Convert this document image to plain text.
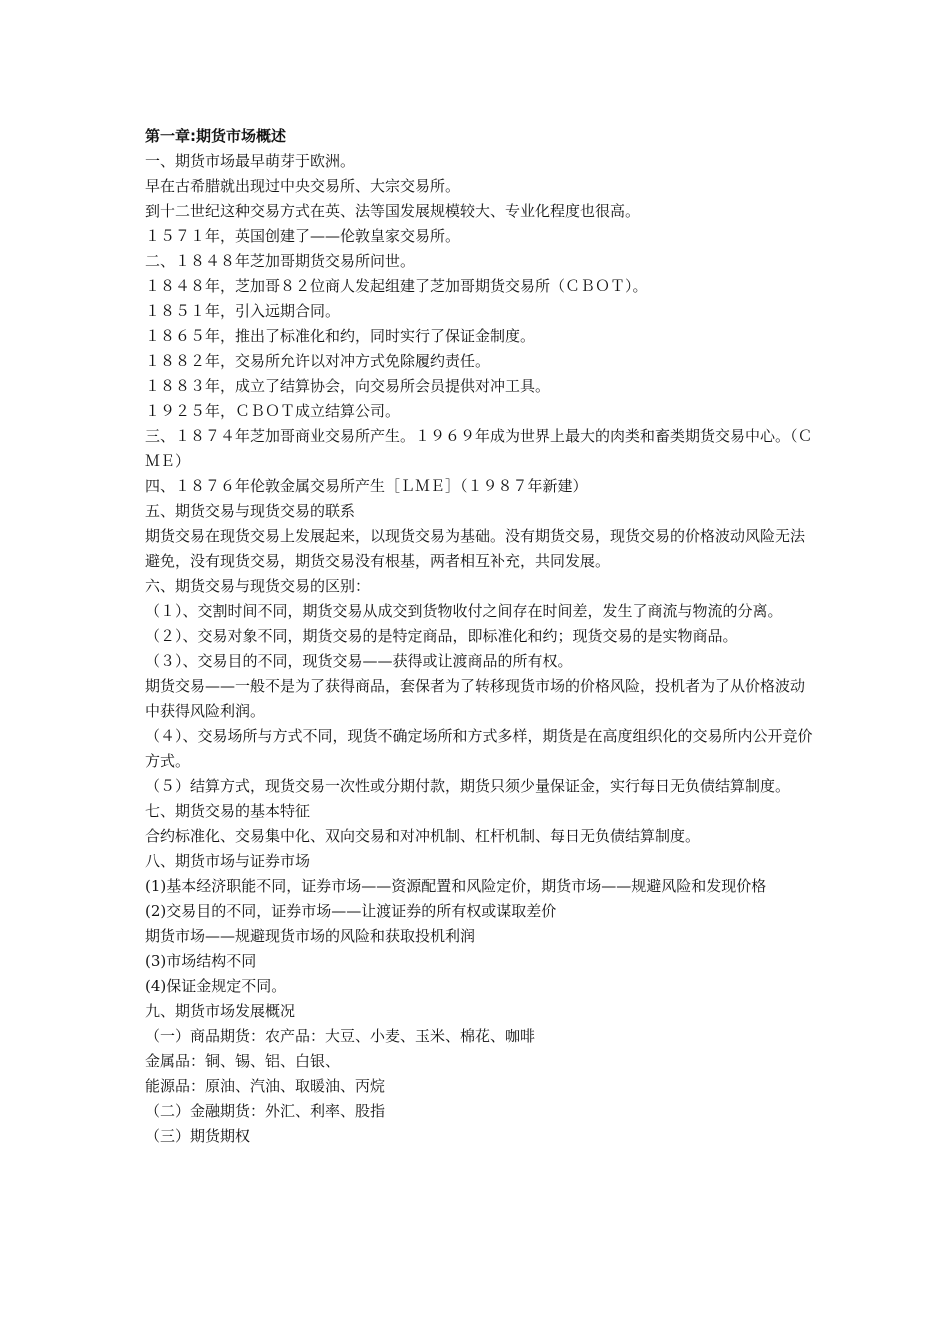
第一章:期货市场概述

一、期货市场最早萌芽于欧洲。

早在古希腊就出现过中央交易所、大宗交易所。

到十二世纪这种交易方式在英、法等国发展规模较大、专业化程度也很高。

１５７１年，英国创建了——伦敦皇家交易所。

二、１８４８年芝加哥期货交易所问世。

１８４８年，芝加哥８２位商人发起组建了芝加哥期货交易所（ＣＢＯＴ）。

１８５１年，引入远期合同。

１８６５年，推出了标准化和约，同时实行了保证金制度。

１８８２年，交易所允许以对冲方式免除履约责任。

１８８３年，成立了结算协会，向交易所会员提供对冲工具。

１９２５年，ＣＢＯＴ成立结算公司。

三、１８７４年芝加哥商业交易所产生。１９６９年成为世界上最大的肉类和畜类期货交易中心。（ＣＭＥ）

四、１８７６年伦敦金属交易所产生［ＬＭＥ］（１９８７年新建）

五、期货交易与现货交易的联系

期货交易在现货交易上发展起来，以现货交易为基础。没有期货交易，现货交易的价格波动风险无法避免，没有现货交易，期货交易没有根基，两者相互补充，共同发展。

六、期货交易与现货交易的区别：

（１）、交割时间不同，期货交易从成交到货物收付之间存在时间差，发生了商流与物流的分离。

（２）、交易对象不同，期货交易的是特定商品，即标准化和约；现货交易的是实物商品。

（３）、交易目的不同，现货交易——获得或让渡商品的所有权。

期货交易——一般不是为了获得商品，套保者为了转移现货市场的价格风险，投机者为了从价格波动中获得风险利润。

（４）、交易场所与方式不同，现货不确定场所和方式多样，期货是在高度组织化的交易所内公开竞价方式。

（５）结算方式，现货交易一次性或分期付款，期货只须少量保证金，实行每日无负债结算制度。

七、期货交易的基本特征

合约标准化、交易集中化、双向交易和对冲机制、杠杆机制、每日无负债结算制度。

八、期货市场与证券市场

(1)基本经济职能不同，证券市场——资源配置和风险定价，期货市场——规避风险和发现价格

(2)交易目的不同，证券市场——让渡证券的所有权或谋取差价

期货市场——规避现货市场的风险和获取投机利润

(3)市场结构不同

(4)保证金规定不同。

九、期货市场发展概况

（一）商品期货：农产品：大豆、小麦、玉米、棉花、咖啡

金属品：铜、锡、铝、白银、

能源品：原油、汽油、取暖油、丙烷

（二）金融期货：外汇、利率、股指

（三）期货期权
